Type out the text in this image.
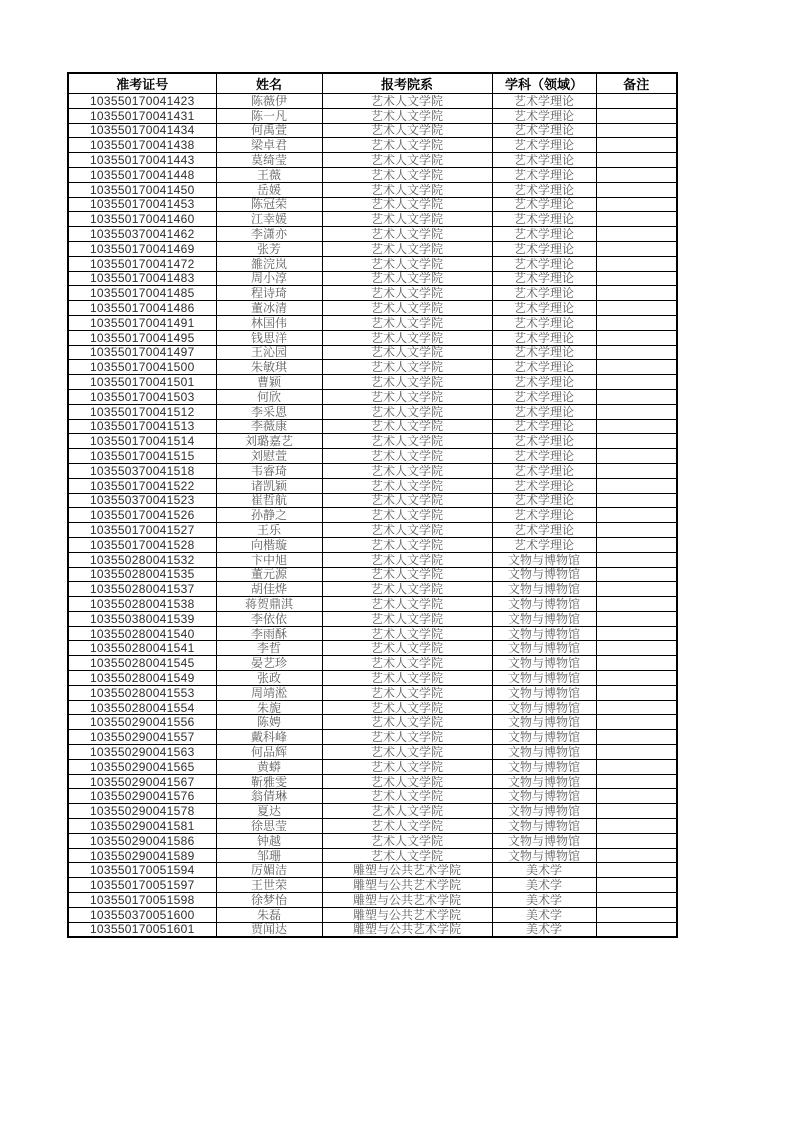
准考证号	姓名	报考院系	学科（领域）	备注
103550170041423	陈薇伊	艺术人文学院	艺术学理论	
103550170041431	陈一凡	艺术人文学院	艺术学理论	
103550170041434	何禹萱	艺术人文学院	艺术学理论	
103550170041438	梁卓君	艺术人文学院	艺术学理论	
103550170041443	莫绮莹	艺术人文学院	艺术学理论	
103550170041448	王薇	艺术人文学院	艺术学理论	
103550170041450	岳媛	艺术人文学院	艺术学理论	
103550170041453	陈冠荣	艺术人文学院	艺术学理论	
103550170041460	江幸媛	艺术人文学院	艺术学理论	
103550370041462	李潇亦	艺术人文学院	艺术学理论	
103550170041469	张芳	艺术人文学院	艺术学理论	
103550170041472	雒浣岚	艺术人文学院	艺术学理论	
103550170041483	周小淳	艺术人文学院	艺术学理论	
103550170041485	程诗琦	艺术人文学院	艺术学理论	
103550170041486	董冰清	艺术人文学院	艺术学理论	
103550170041491	林国伟	艺术人文学院	艺术学理论	
103550170041495	钱思洋	艺术人文学院	艺术学理论	
103550170041497	王沁园	艺术人文学院	艺术学理论	
103550170041500	朱敏琪	艺术人文学院	艺术学理论	
103550170041501	曹颖	艺术人文学院	艺术学理论	
103550170041503	何欣	艺术人文学院	艺术学理论	
103550170041512	李采恩	艺术人文学院	艺术学理论	
103550170041513	李薇康	艺术人文学院	艺术学理论	
103550170041514	刘璐嘉艺	艺术人文学院	艺术学理论	
103550170041515	刘慰萱	艺术人文学院	艺术学理论	
103550370041518	韦睿琦	艺术人文学院	艺术学理论	
103550170041522	诸凯颖	艺术人文学院	艺术学理论	
103550370041523	崔哲航	艺术人文学院	艺术学理论	
103550170041526	孙静之	艺术人文学院	艺术学理论	
103550170041527	王乐	艺术人文学院	艺术学理论	
103550170041528	向楷璇	艺术人文学院	艺术学理论	
103550280041532	卞中旭	艺术人文学院	文物与博物馆	
103550280041535	董元源	艺术人文学院	文物与博物馆	
103550280041537	胡佳烨	艺术人文学院	文物与博物馆	
103550280041538	蒋贺鼎淇	艺术人文学院	文物与博物馆	
103550380041539	李依依	艺术人文学院	文物与博物馆	
103550280041540	李雨酥	艺术人文学院	文物与博物馆	
103550280041541	李哲	艺术人文学院	文物与博物馆	
103550280041545	晏艺珍	艺术人文学院	文物与博物馆	
103550280041549	张政	艺术人文学院	文物与博物馆	
103550280041553	周靖淞	艺术人文学院	文物与博物馆	
103550280041554	朱旎	艺术人文学院	文物与博物馆	
103550290041556	陈娉	艺术人文学院	文物与博物馆	
103550290041557	戴科峰	艺术人文学院	文物与博物馆	
103550290041563	何品辉	艺术人文学院	文物与博物馆	
103550290041565	黄蟒	艺术人文学院	文物与博物馆	
103550290041567	靳雅雯	艺术人文学院	文物与博物馆	
103550290041576	翁倩琳	艺术人文学院	文物与博物馆	
103550290041578	夏达	艺术人文学院	文物与博物馆	
103550290041581	徐思莹	艺术人文学院	文物与博物馆	
103550290041586	钟越	艺术人文学院	文物与博物馆	
103550290041589	邹珊	艺术人文学院	文物与博物馆	
103550170051594	厉媚洁	雕塑与公共艺术学院	美术学	
103550170051597	王世荣	雕塑与公共艺术学院	美术学	
103550170051598	徐梦怡	雕塑与公共艺术学院	美术学	
103550370051600	朱磊	雕塑与公共艺术学院	美术学	
103550170051601	贾闻达	雕塑与公共艺术学院	美术学	
